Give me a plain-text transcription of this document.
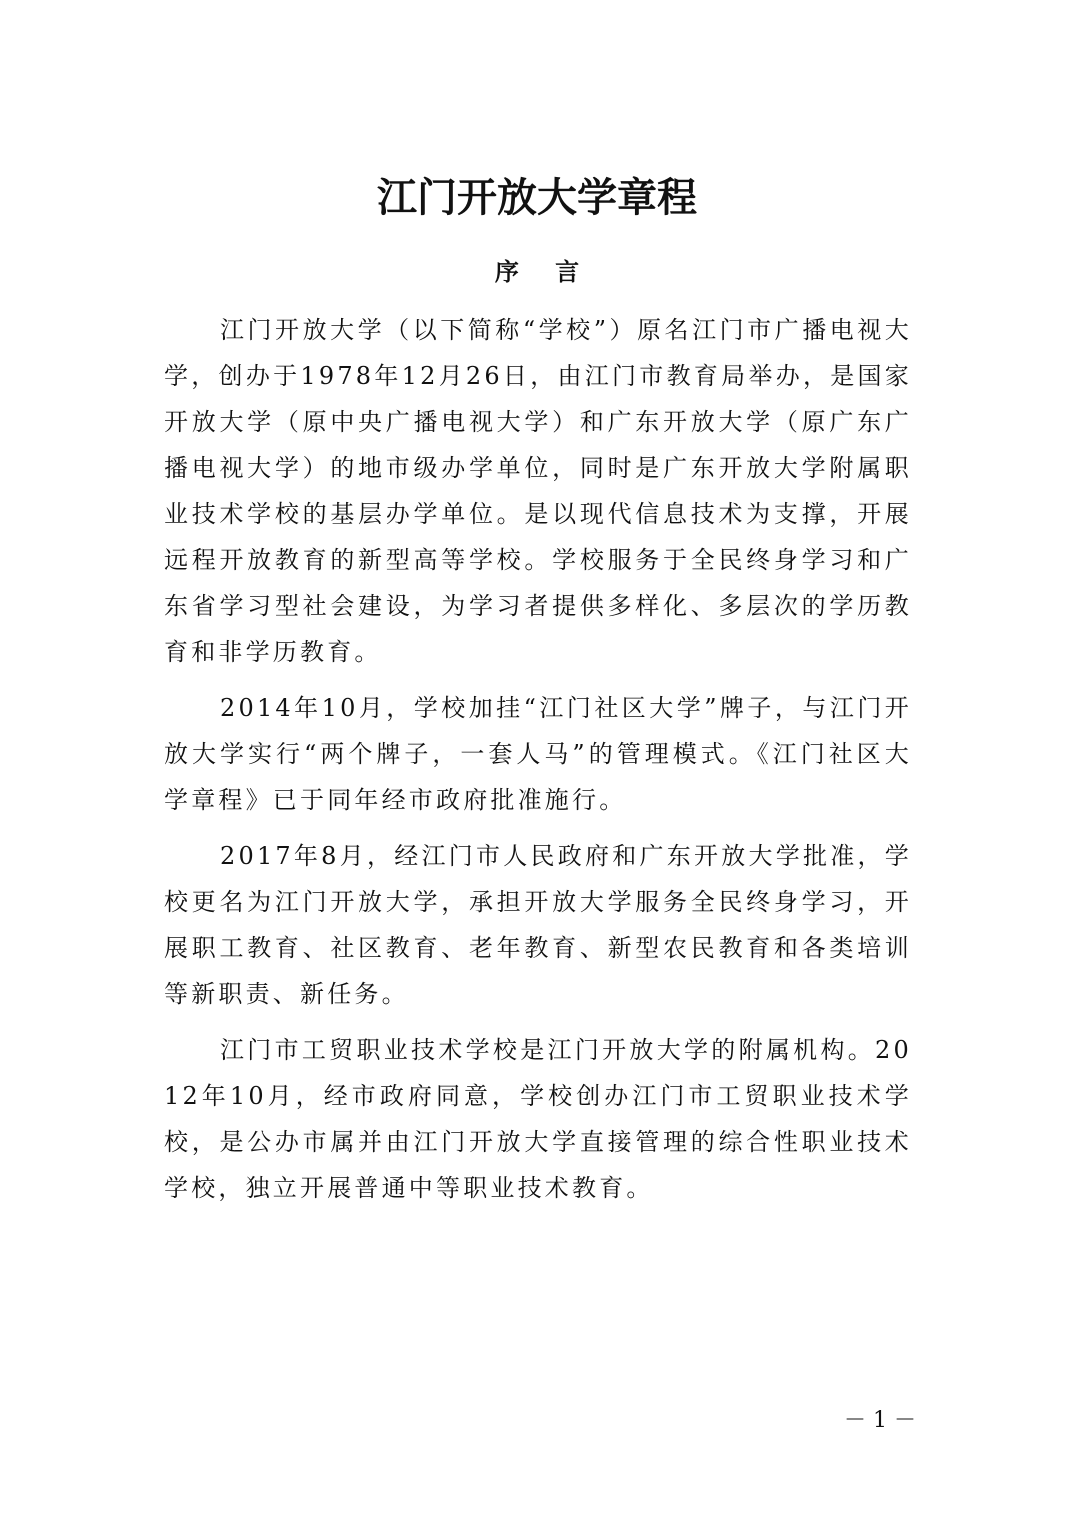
江门开放大学章程
序 言

江门开放大学（以下简称“学校”）原名江门市广播电视大学，创办于1978年12月26日，由江门市教育局举办，是国家开放大学（原中央广播电视大学）和广东开放大学（原广东广播电视大学）的地市级办学单位，同时是广东开放大学附属职业技术学校的基层办学单位。是以现代信息技术为支撑，开展远程开放教育的新型高等学校。学校服务于全民终身学习和广东省学习型社会建设，为学习者提供多样化、多层次的学历教育和非学历教育。

2014年10月，学校加挂“江门社区大学”牌子，与江门开放大学实行“两个牌子，一套人马”的管理模式。《江门社区大学章程》已于同年经市政府批准施行。

2017年8月，经江门市人民政府和广东开放大学批准，学校更名为江门开放大学，承担开放大学服务全民终身学习，开展职工教育、社区教育、老年教育、新型农民教育和各类培训等新职责、新任务。

江门市工贸职业技术学校是江门开放大学的附属机构。2012年10月，经市政府同意，学校创办江门市工贸职业技术学校，是公办市属并由江门开放大学直接管理的综合性职业技术学校，独立开展普通中等职业技术教育。

－ 1 －
